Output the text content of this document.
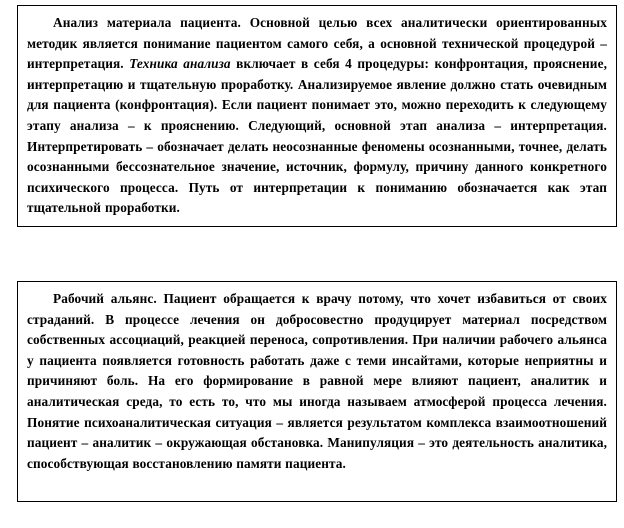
Анализ материала пациента. Основной целью всех аналитически ориентированных методик является понимание пациентом самого себя, а основной технической процедурой – интерпретация. Техника анализа включает в себя 4 процедуры: конфронтация, прояснение, интерпретацию и тщательную проработку. Анализируемое явление должно стать очевидным для пациента (конфронтация). Если пациент понимает это, можно переходить к следующему этапу анализа – к прояснению. Следующий, основной этап анализа – интерпретация. Интерпретировать – обозначает делать неосознанные феномены осознанными, точнее, делать осознанными бессознательное значение, источник, формулу, причину данного конкретного психического процесса. Путь от интерпретации к пониманию обозначается как этап тщательной проработки.

Рабочий альянс. Пациент обращается к врачу потому, что хочет избавиться от своих страданий. В процессе лечения он добросовестно продуцирует материал посредством собственных ассоциаций, реакцией переноса, сопротивления. При наличии рабочего альянса у пациента появляется готовность работать даже с теми инсайтами, которые неприятны и причиняют боль. На его формирование в равной мере влияют пациент, аналитик и аналитическая среда, то есть то, что мы иногда называем атмосферой процесса лечения. Понятие психоаналитическая ситуация – является результатом комплекса взаимоотношений пациент – аналитик – окружающая обстановка. Манипуляция – это деятельность аналитика, способствующая восстановлению памяти пациента.
